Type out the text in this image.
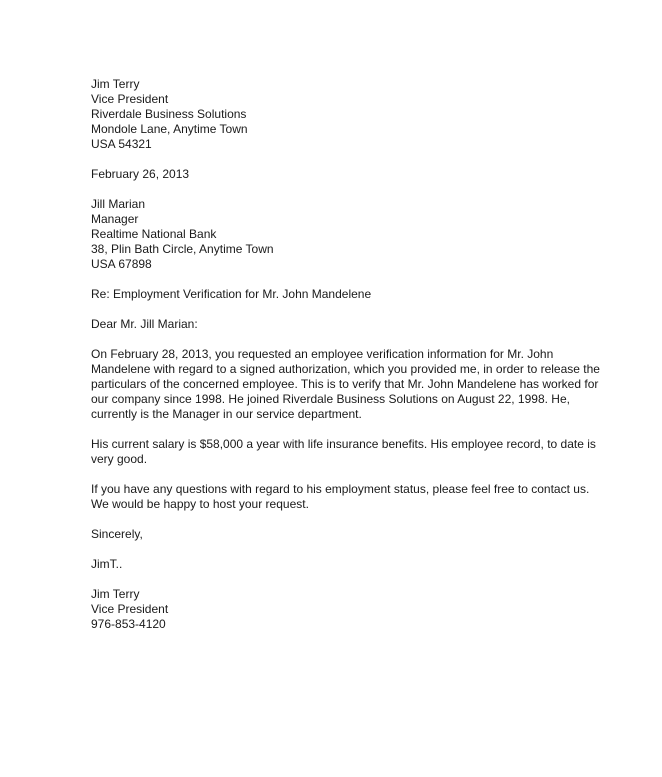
Jim Terry
Vice President
Riverdale Business Solutions
Mondole Lane, Anytime Town
USA 54321
February 26, 2013
Jill Marian
Manager
Realtime National Bank
38, Plin Bath Circle, Anytime Town
USA 67898
Re: Employment Verification for Mr. John Mandelene
Dear Mr. Jill Marian:
On February 28, 2013, you requested an employee verification information for Mr. John
Mandelene with regard to a signed authorization, which you provided me, in order to release the
particulars of the concerned employee. This is to verify that Mr. John Mandelene has worked for
our company since 1998. He joined Riverdale Business Solutions on August 22, 1998. He,
currently is the Manager in our service department.
His current salary is $58,000 a year with life insurance benefits. His employee record, to date is
very good.
If you have any questions with regard to his employment status, please feel free to contact us.
We would be happy to host your request.
Sincerely,
JimT..
Jim Terry
Vice President
976-853-4120
